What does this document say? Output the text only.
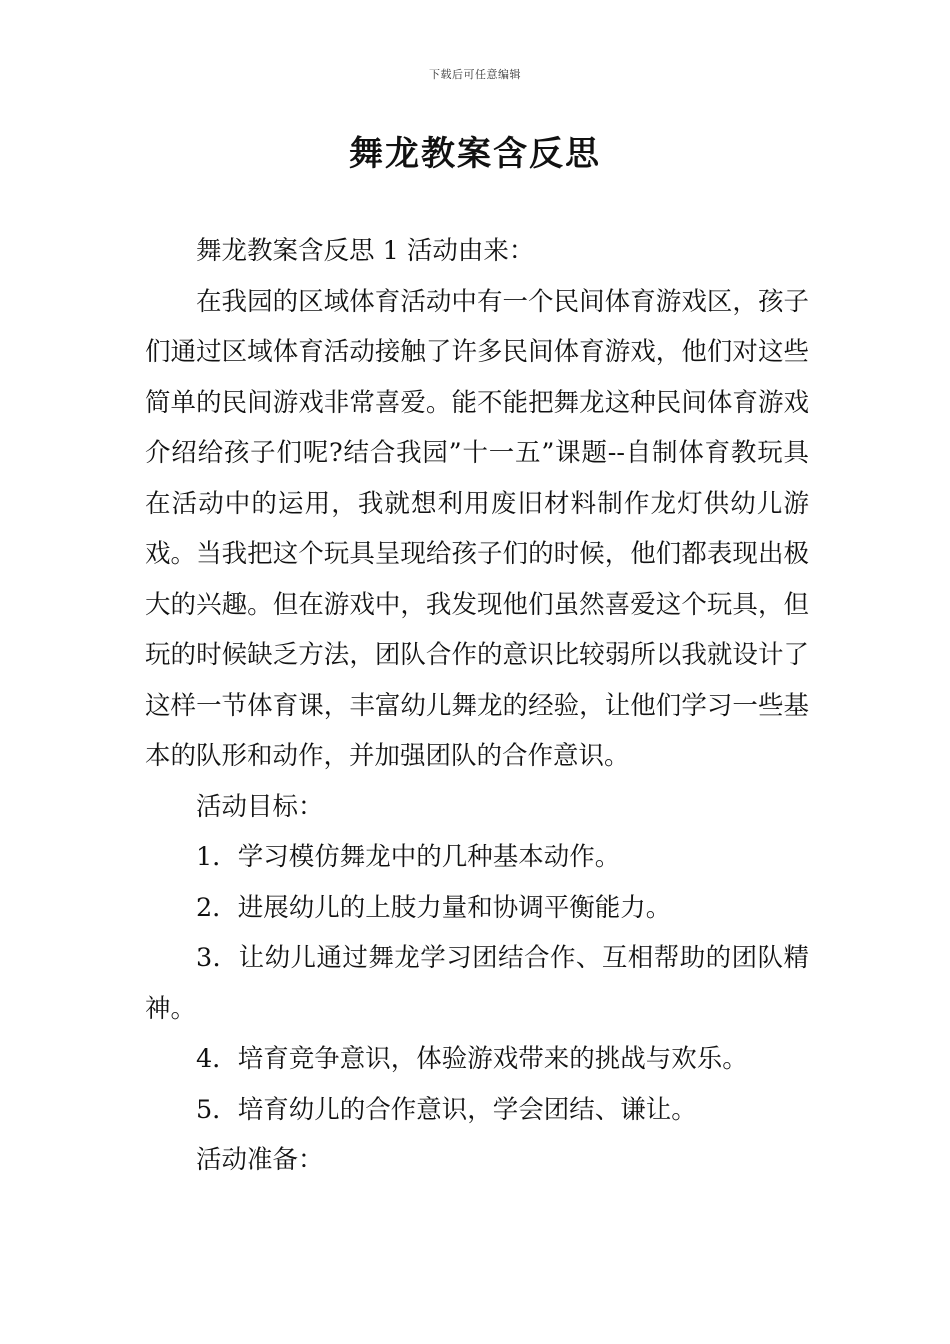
下载后可任意编辑
舞龙教案含反思

舞龙教案含反思 1 活动由来：

在我园的区域体育活动中有一个民间体育游戏区，孩子们通过区域体育活动接触了许多民间体育游戏，他们对这些简单的民间游戏非常喜爱。能不能把舞龙这种民间体育游戏介绍给孩子们呢?结合我园”十一五”课题--自制体育教玩具在活动中的运用，我就想利用废旧材料制作龙灯供幼儿游戏。当我把这个玩具呈现给孩子们的时候，他们都表现出极大的兴趣。但在游戏中，我发现他们虽然喜爱这个玩具，但玩的时候缺乏方法，团队合作的意识比较弱所以我就设计了这样一节体育课，丰富幼儿舞龙的经验，让他们学习一些基本的队形和动作，并加强团队的合作意识。

活动目标：

1．学习模仿舞龙中的几种基本动作。

2．进展幼儿的上肢力量和协调平衡能力。

3．让幼儿通过舞龙学习团结合作、互相帮助的团队精神。

4．培育竞争意识，体验游戏带来的挑战与欢乐。

5．培育幼儿的合作意识，学会团结、谦让。

活动准备：
